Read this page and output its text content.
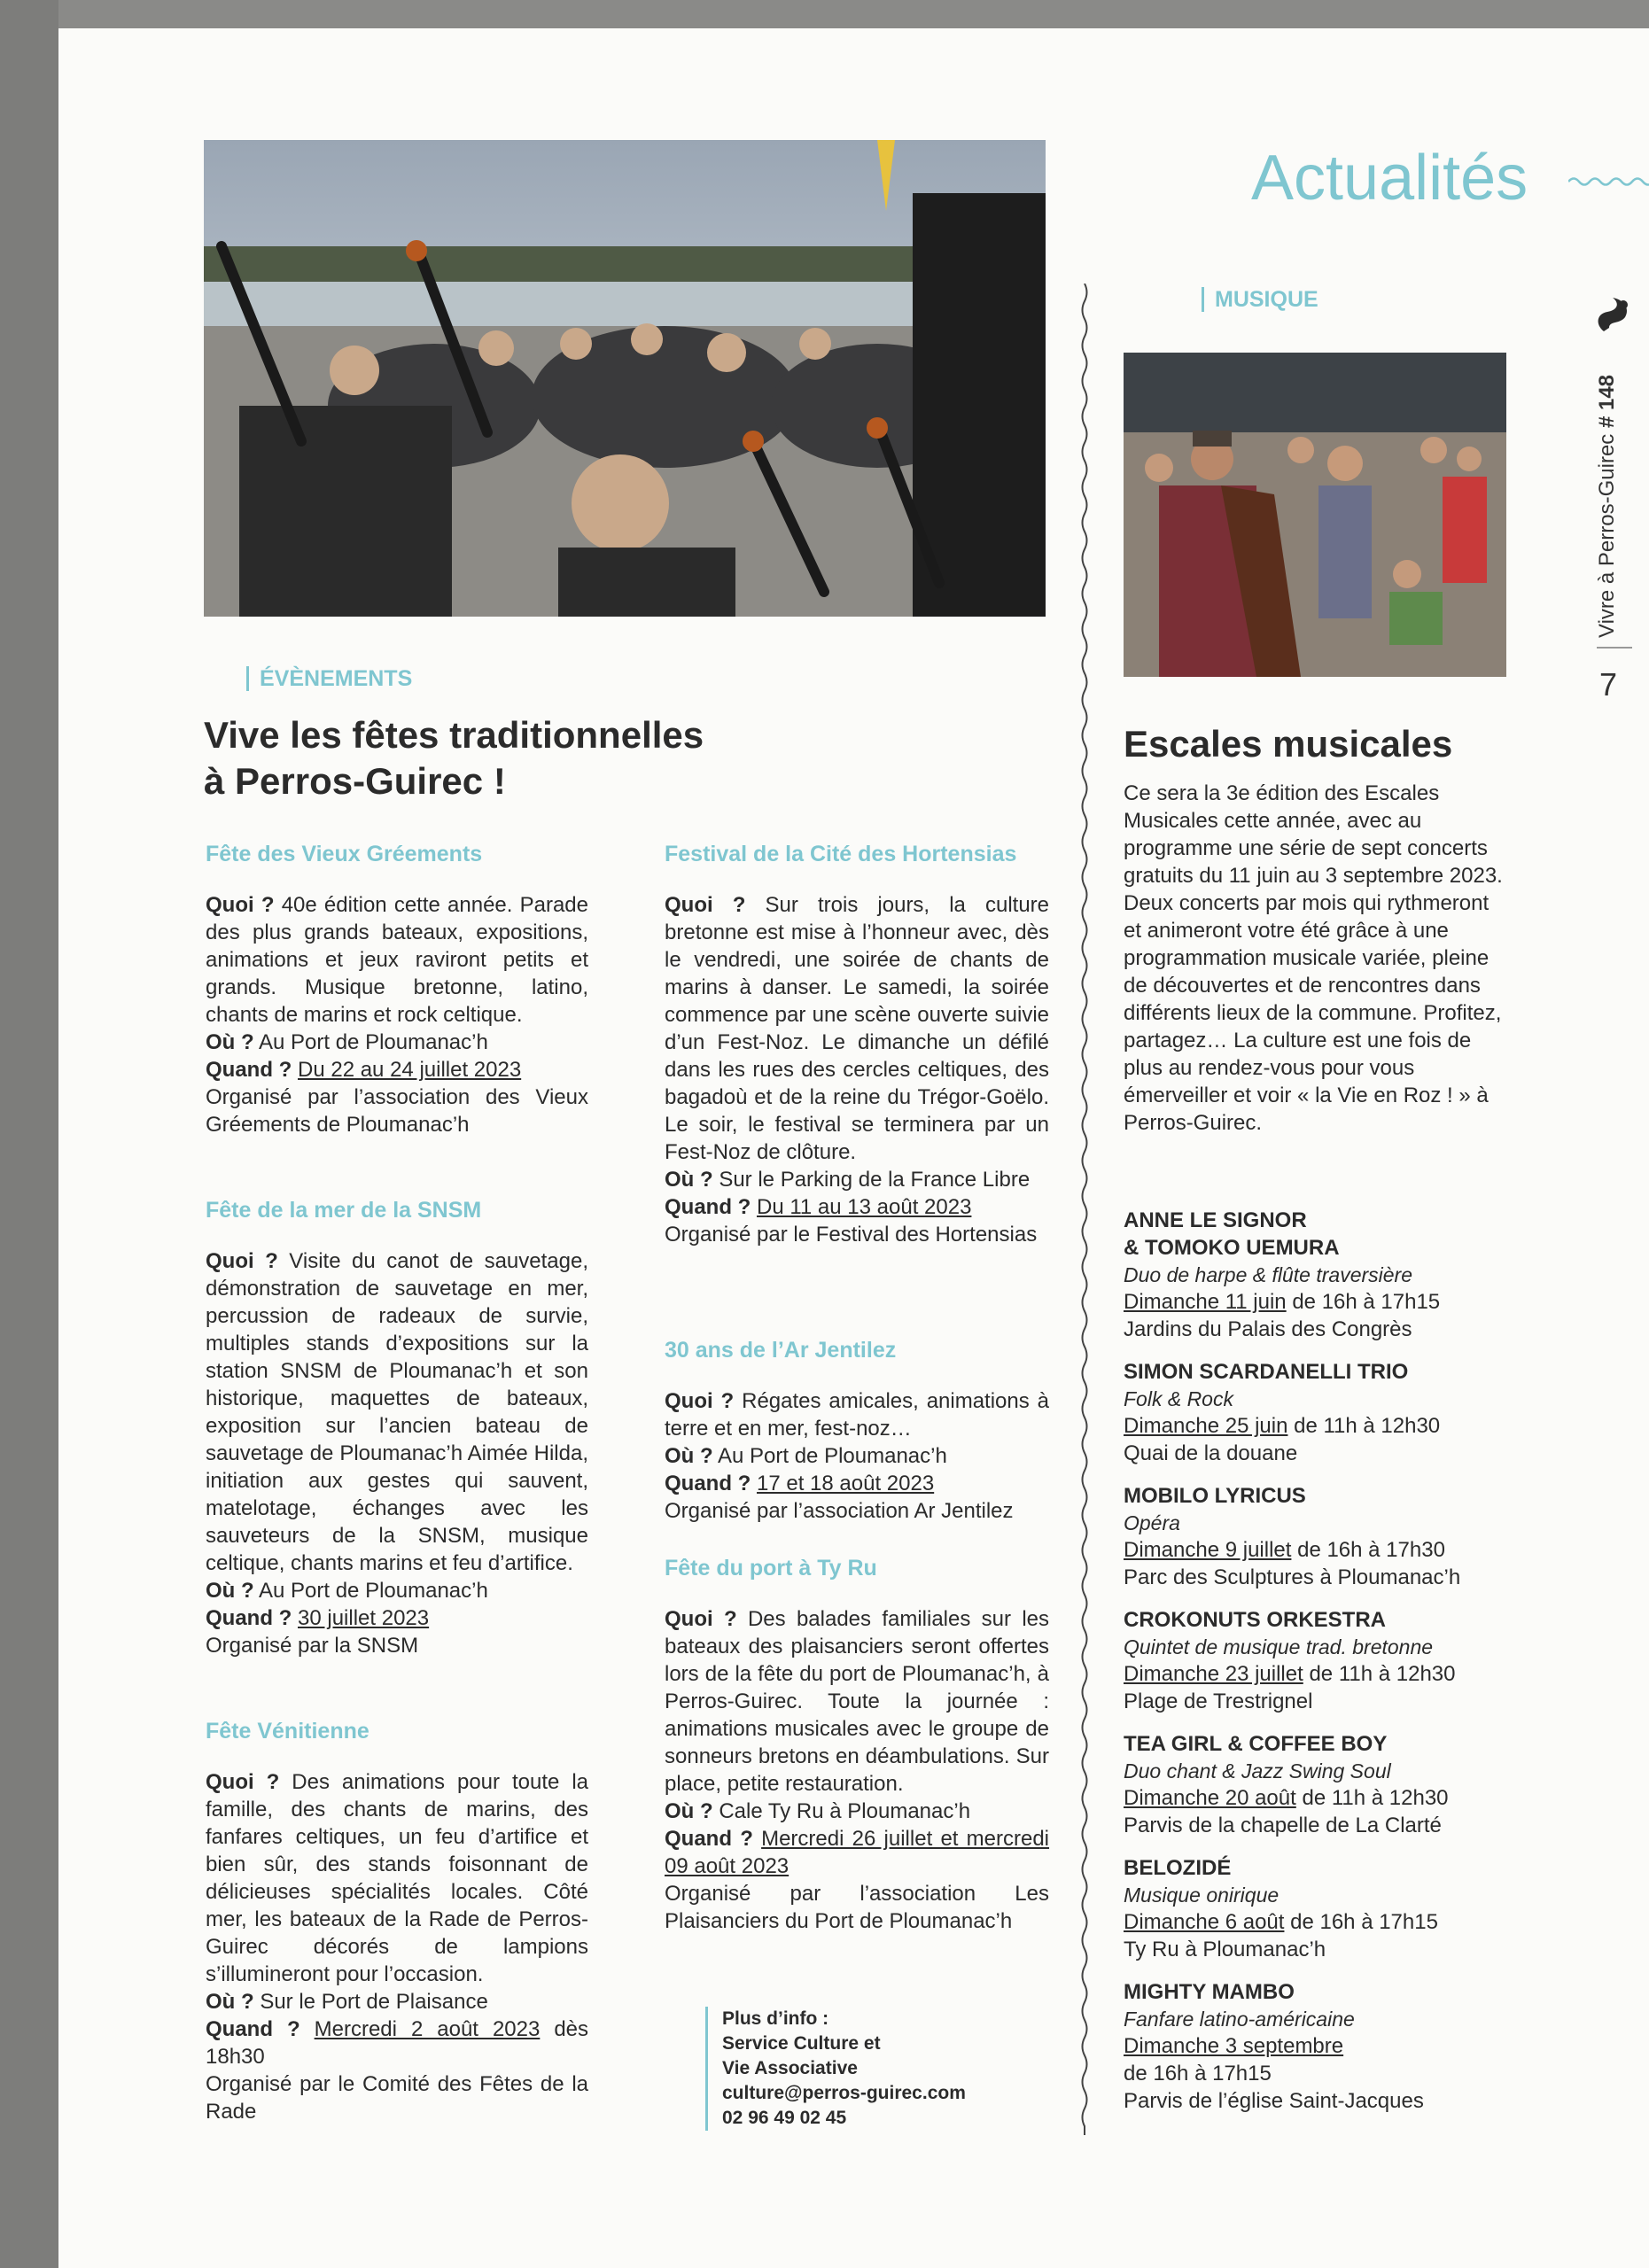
Actualités
Vivre à Perros-Guirec # 148
7
ÉVÈNEMENTS
Vive les fêtes traditionnelles
à Perros-Guirec !
Fête des Vieux Gréements
Quoi ? 40e édition cette année. Parade des plus grands bateaux, expositions, animations et jeux raviront petits et grands. Musique bretonne, latino, chants de marins et rock celtique.
Où ? Au Port de Ploumanac’h
Quand ? Du 22 au 24 juillet 2023
Organisé par l’association des Vieux Gréements de Ploumanac’h
Fête de la mer de la SNSM
Quoi ? Visite du canot de sauvetage, démonstration de sauvetage en mer, percussion de radeaux de survie, multiples stands d’expositions sur la station SNSM de Ploumanac’h et son historique, maquettes de bateaux, exposition sur l’ancien bateau de sauvetage de Ploumanac’h Aimée Hilda, initiation aux gestes qui sauvent, matelotage, échanges avec les sauveteurs de la SNSM, musique celtique, chants marins et feu d’artifice.
Où ? Au Port de Ploumanac’h
Quand ? 30 juillet 2023
Organisé par la SNSM
Fête Vénitienne
Quoi ? Des animations pour toute la famille, des chants de marins, des fanfares celtiques, un feu d’artifice et bien sûr, des stands foisonnant de délicieuses spécialités locales. Côté mer, les bateaux de la Rade de Perros-Guirec décorés de lampions s’illumineront pour l’occasion.
Où ? Sur le Port de Plaisance
Quand ? Mercredi 2 août 2023 dès 18h30
Organisé par le Comité des Fêtes de la Rade
Festival de la Cité des Hortensias
Quoi ? Sur trois jours, la culture bretonne est mise à l’honneur avec, dès le vendredi, une soirée de chants de marins à danser. Le samedi, la soirée commence par une scène ouverte suivie d’un Fest-Noz. Le dimanche un défilé dans les rues des cercles celtiques, des bagadoù et de la reine du Trégor-Goëlo. Le soir, le festival se terminera par un Fest-Noz de clôture.
Où ? Sur le Parking de la France Libre
Quand ? Du 11 au 13 août 2023
Organisé par le Festival des Hortensias
30 ans de l’Ar Jentilez
Quoi ? Régates amicales, animations à terre et en mer, fest-noz…
Où ? Au Port de Ploumanac’h
Quand ? 17 et 18 août 2023
Organisé par l’association Ar Jentilez
Fête du port à Ty Ru
Quoi ? Des balades familiales sur les bateaux des plaisanciers seront offertes lors de la fête du port de Ploumanac’h, à Perros-Guirec. Toute la journée : animations musicales avec le groupe de sonneurs bretons en déambulations. Sur place, petite restauration.
Où ? Cale Ty Ru à Ploumanac’h
Quand ? Mercredi 26 juillet et mercredi 09 août 2023
Organisé par l’association Les Plaisanciers du Port de Ploumanac’h
Plus d’info :
Service Culture et
Vie Associative
culture@perros-guirec.com
02 96 49 02 45
MUSIQUE
Escales musicales
Ce sera la 3e édition des Escales Musicales cette année, avec au programme une série de sept concerts gratuits du 11 juin au 3 septembre 2023. Deux concerts par mois qui rythmeront et animeront votre été grâce à une programmation musicale variée, pleine de découvertes et de rencontres dans différents lieux de la commune. Profitez, partagez… La culture est une fois de plus au rendez-vous pour vous émerveiller et voir « la Vie en Roz ! » à Perros-Guirec.
ANNE LE SIGNOR
& TOMOKO UEMURA
Duo de harpe & flûte traversière
Dimanche 11 juin de 16h à 17h15
Jardins du Palais des Congrès
SIMON SCARDANELLI TRIO
Folk & Rock
Dimanche 25 juin de 11h à 12h30
Quai de la douane
MOBILO LYRICUS
Opéra
Dimanche 9 juillet de 16h à 17h30
Parc des Sculptures à Ploumanac’h
CROKONUTS ORKESTRA
Quintet de musique trad. bretonne
Dimanche 23 juillet de 11h à 12h30
Plage de Trestrignel
TEA GIRL & COFFEE BOY
Duo chant & Jazz Swing Soul
Dimanche 20 août de 11h à 12h30
Parvis de la chapelle de La Clarté
BELOZIDÉ
Musique onirique
Dimanche 6 août de 16h à 17h15
Ty Ru à Ploumanac’h
MIGHTY MAMBO
Fanfare latino-américaine
Dimanche 3 septembre
de 16h à 17h15
Parvis de l’église Saint-Jacques
